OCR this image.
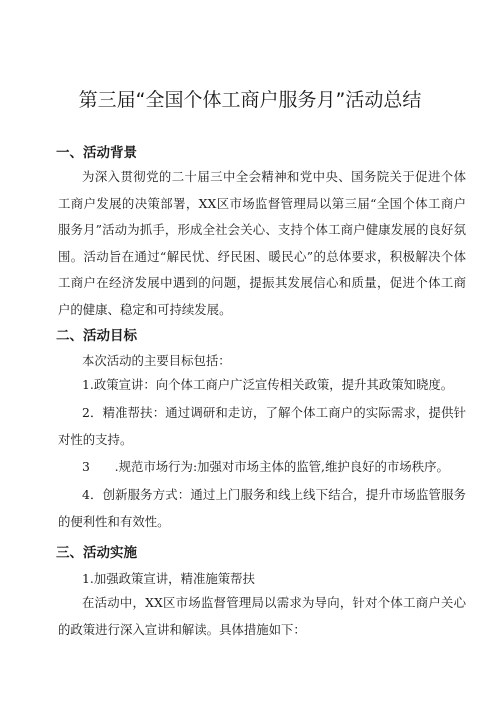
第三届“全国个体工商户服务月”活动总结
一、活动背景

为深入贯彻党的二十届三中全会精神和党中央、国务院关于促进个体工商户发展的决策部署，XX区市场监督管理局以第三届“全国个体工商户服务月”活动为抓手，形成全社会关心、支持个体工商户健康发展的良好氛围。活动旨在通过“解民忧、纾民困、暖民心”的总体要求，积极解决个体工商户在经济发展中遇到的问题，提振其发展信心和质量，促进个体工商户的健康、稳定和可持续发展。

二、活动目标

本次活动的主要目标包括：

1.政策宣讲：向个体工商户广泛宣传相关政策，提升其政策知晓度。

2．精准帮扶：通过调研和走访，了解个体工商户的实际需求，提供针对性的支持。

3　　.规范市场行为:加强对市场主体的监管,维护良好的市场秩序。

4．创新服务方式：通过上门服务和线上线下结合，提升市场监管服务的便利性和有效性。

三、活动实施

1.加强政策宣讲，精准施策帮扶

在活动中，XX区市场监督管理局以需求为导向，针对个体工商户关心的政策进行深入宣讲和解读。具体措施如下：
